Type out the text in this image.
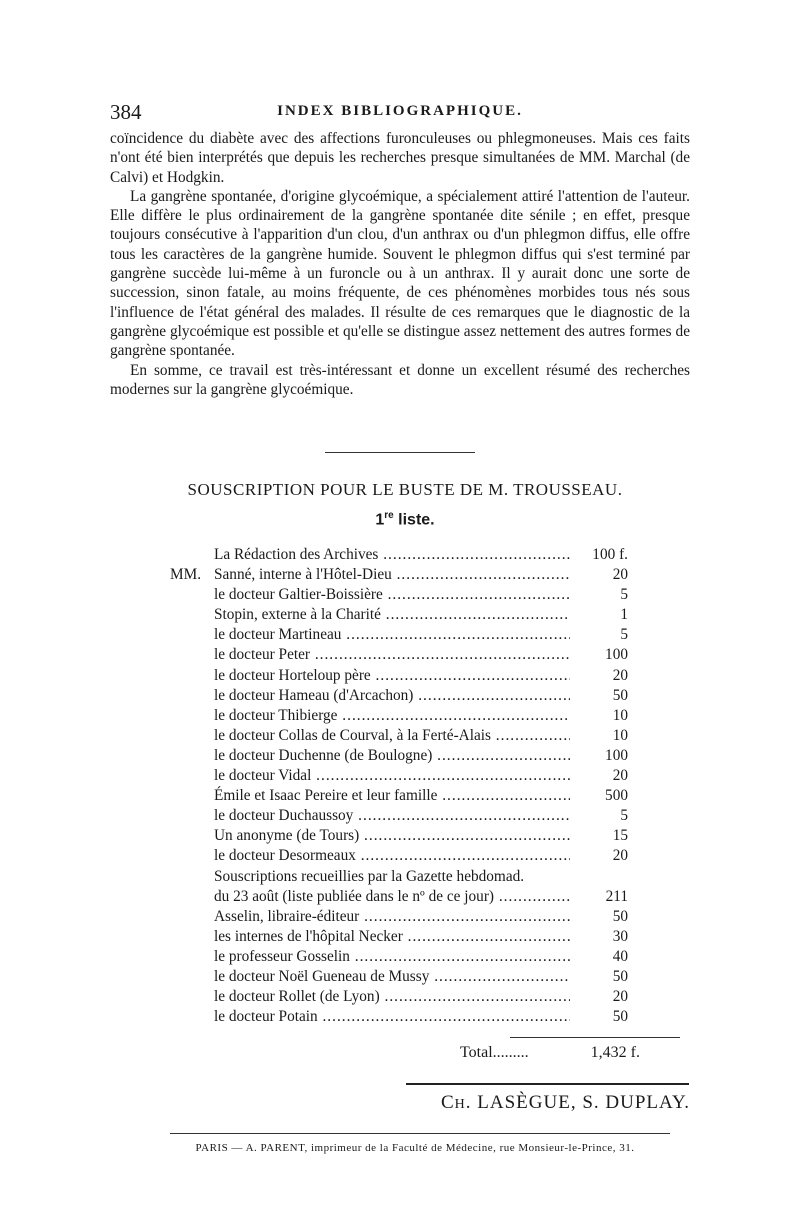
384	INDEX BIBLIOGRAPHIQUE.

coïncidence du diabète avec des affections furonculeuses ou phlegmoneuses. Mais ces faits n'ont été bien interprétés que depuis les recherches presque simultanées de MM. Marchal (de Calvi) et Hodgkin.

La gangrène spontanée, d'origine glycoémique, a spécialement attiré l'attention de l'auteur. Elle diffère le plus ordinairement de la gangrène spontanée dite sénile ; en effet, presque toujours consécutive à l'apparition d'un clou, d'un anthrax ou d'un phlegmon diffus, elle offre tous les caractères de la gangrène humide. Souvent le phlegmon diffus qui s'est terminé par gangrène succède lui-même à un furoncle ou à un anthrax. Il y aurait donc une sorte de succession, sinon fatale, au moins fréquente, de ces phénomènes morbides tous nés sous l'influence de l'état général des malades. Il résulte de ces remarques que le diagnostic de la gangrène glycoémique est possible et qu'elle se distingue assez nettement des autres formes de gangrène spontanée.

En somme, ce travail est très-intéressant et donne un excellent résumé des recherches modernes sur la gangrène glycoémique.

SOUSCRIPTION POUR LE BUSTE DE M. TROUSSEAU.
1re liste.
La Rédaction des Archives .....	100 f.
MM. Sanné, interne à l'Hôtel-Dieu .....	20
le docteur Galtier-Boissière .....	5
Stopin, externe à la Charité .....	1
le docteur Martineau .....	5
le docteur Peter .....	100
le docteur Horteloup père .....	20
le docteur Hameau (d'Arcachon) .....	50
le docteur Thibierge .....	10
le docteur Collas de Courval, à la Ferté-Alais .....	10
le docteur Duchenne (de Boulogne) .....	100
le docteur Vidal .....	20
Émile et Isaac Pereire et leur famille .....	500
le docteur Duchaussoy .....	5
Un anonyme (de Tours) .....	15
le docteur Desormeaux .....	20
Souscriptions recueillies par la Gazette hebdomad.
du 23 août (liste publiée dans le nº de ce jour) .....	211
Asselin, libraire-éditeur .....	50
les internes de l'hôpital Necker .....	30
le professeur Gosselin .....	40
le docteur Noël Gueneau de Mussy .....	50
le docteur Rollet (de Lyon) .....	20
le docteur Potain .....	50
Total.........	1,432 f.
CH. LASÈGUE, S. DUPLAY.
PARIS — A. PARENT, imprimeur de la Faculté de Médecine, rue Monsieur-le-Prince, 31.
